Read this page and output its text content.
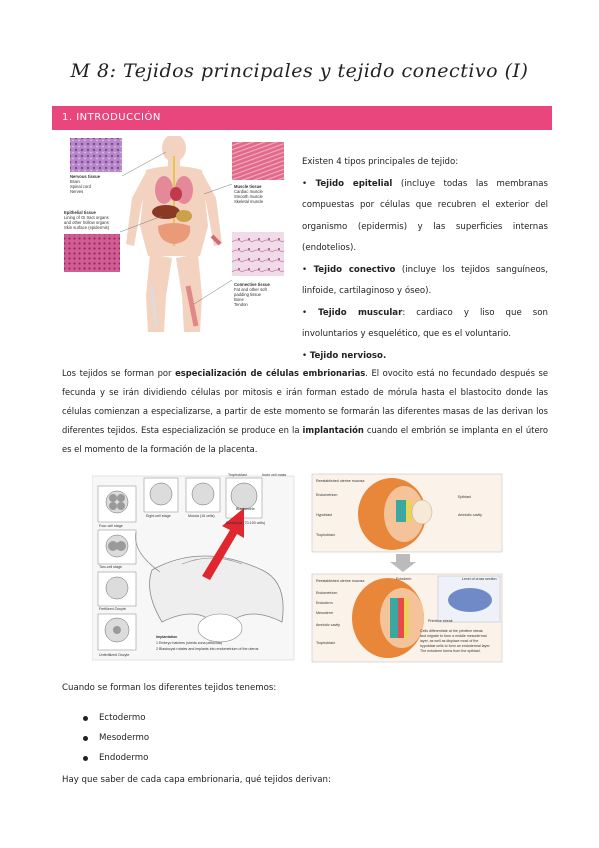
M 8: Tejidos principales y tejido conectivo (I)
1. INTRODUCCIÓN
Nervous tissue
Brain
Spinal cord
Nerves
Epithelial tissue
Lining of GI tract organs
and other hollow organs
Skin surface (epidermis)
Muscle tissue
Cardiac muscle
Smooth muscle
Skeletal muscle
Connective tissue
Fat and other soft
padding tissue
Bone
Tendon

Existen 4 tipos principales de tejido:

• Tejido epitelial (incluye todas las membranas compuestas por células que recubren el exterior del organismo (epidermis) y las superficies internas (endotelios).

• Tejido conectivo (incluye los tejidos sanguíneos, linfoide, cartilaginoso y óseo).

• Tejido muscular: cardiaco y liso que son involuntarios y esquelético, que es el voluntario.

• Tejido nervioso.

Los tejidos se forman por especialización de células embrionarias. El ovocito está no fecundado después se fecunda y se irán dividiendo células por mitosis e irán forman estado de mórula hasta el blastocito donde las células comienzan a especializarse, a partir de este momento se formarán las diferentes masas de las derivan los diferentes tejidos. Esta especialización se produce en la implantación cuando el embrión se implanta en el útero es el momento de la formación de la placenta.

Four-cell stage
Two-cell stage
Fertilized Oocyte
Unfertilized Oocyte
Eight-cell stage	Morula (16 cells)
Trophoblast	Inner cell mass
Blastocoele
Blastocyst (70-100 cells)
Implantation
1 Embryo hatches (sheds zona pellucida)
2 Blastocyst rotates and implants into endometrium of the uterus
Reestablished uterine mucosa
Endometrium
Hypoblast
Trophoblast
Epiblast
Amniotic cavity
Reestablished uterine mucosa
Endometrium
Endoderm
Mesoderm
Amniotic cavity
Trophoblast
Ectoderm
Primitive streak
Level of cross section
Cells differentiate at the primitive streak
and migrate to form a middle mesodermal
layer, as well as displace most of the
hypoblast cells to form an endodermal layer.
The ectoderm forms from the epiblast.

Cuando se forman los diferentes tejidos tenemos:

Ectodermo
Mesodermo
Endodermo

Hay que saber de cada capa embrionaria, qué tejidos derivan:
